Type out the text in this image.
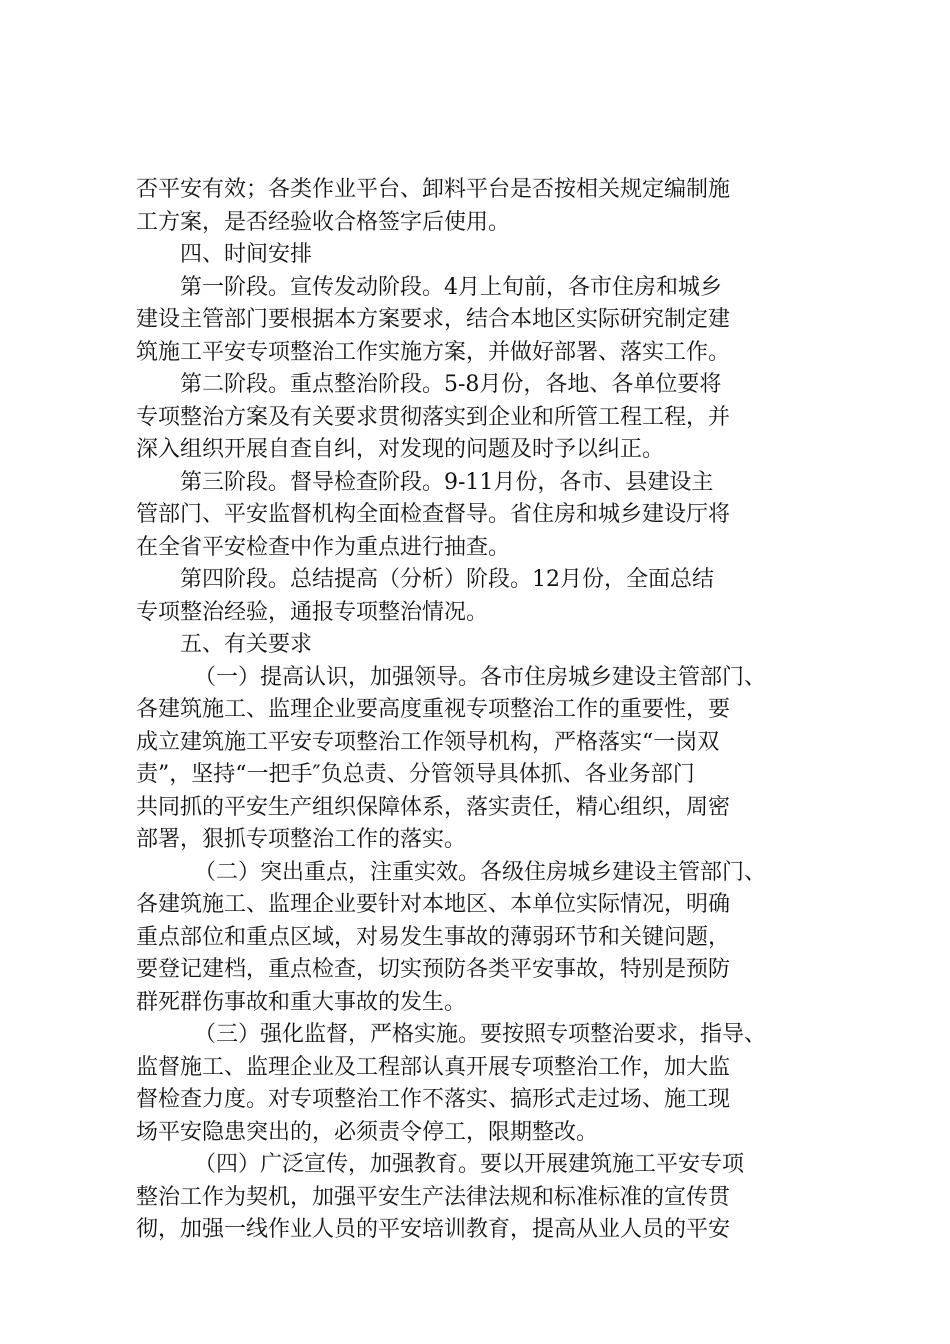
否平安有效；各类作业平台、卸料平台是否按相关规定编制施
工方案，是否经验收合格签字后使用。
四、时间安排
第一阶段。宣传发动阶段。4月上旬前，各市住房和城乡
建设主管部门要根据本方案要求，结合本地区实际研究制定建
筑施工平安专项整治工作实施方案，并做好部署、落实工作。
第二阶段。重点整治阶段。5-8月份，各地、各单位要将
专项整治方案及有关要求贯彻落实到企业和所管工程工程，并
深入组织开展自查自纠，对发现的问题及时予以纠正。
第三阶段。督导检查阶段。9-11月份，各市、县建设主
管部门、平安监督机构全面检查督导。省住房和城乡建设厅将
在全省平安检查中作为重点进行抽查。
第四阶段。总结提高（分析）阶段。12月份，全面总结
专项整治经验，通报专项整治情况。
五、有关要求
（一）提高认识，加强领导。各市住房城乡建设主管部门、
各建筑施工、监理企业要高度重视专项整治工作的重要性，要
成立建筑施工平安专项整治工作领导机构，严格落实“一岗双
责”，坚持“一把手″负总责、分管领导具体抓、各业务部门
共同抓的平安生产组织保障体系，落实责任，精心组织，周密
部署，狠抓专项整治工作的落实。
（二）突出重点，注重实效。各级住房城乡建设主管部门、
各建筑施工、监理企业要针对本地区、本单位实际情况，明确
重点部位和重点区域，对易发生事故的薄弱环节和关键问题，
要登记建档，重点检查，切实预防各类平安事故，特别是预防
群死群伤事故和重大事故的发生。
（三）强化监督，严格实施。要按照专项整治要求，指导、
监督施工、监理企业及工程部认真开展专项整治工作，加大监
督检查力度。对专项整治工作不落实、搞形式走过场、施工现
场平安隐患突出的，必须责令停工，限期整改。
（四）广泛宣传，加强教育。要以开展建筑施工平安专项
整治工作为契机，加强平安生产法律法规和标准标准的宣传贯
彻，加强一线作业人员的平安培训教育，提高从业人员的平安
